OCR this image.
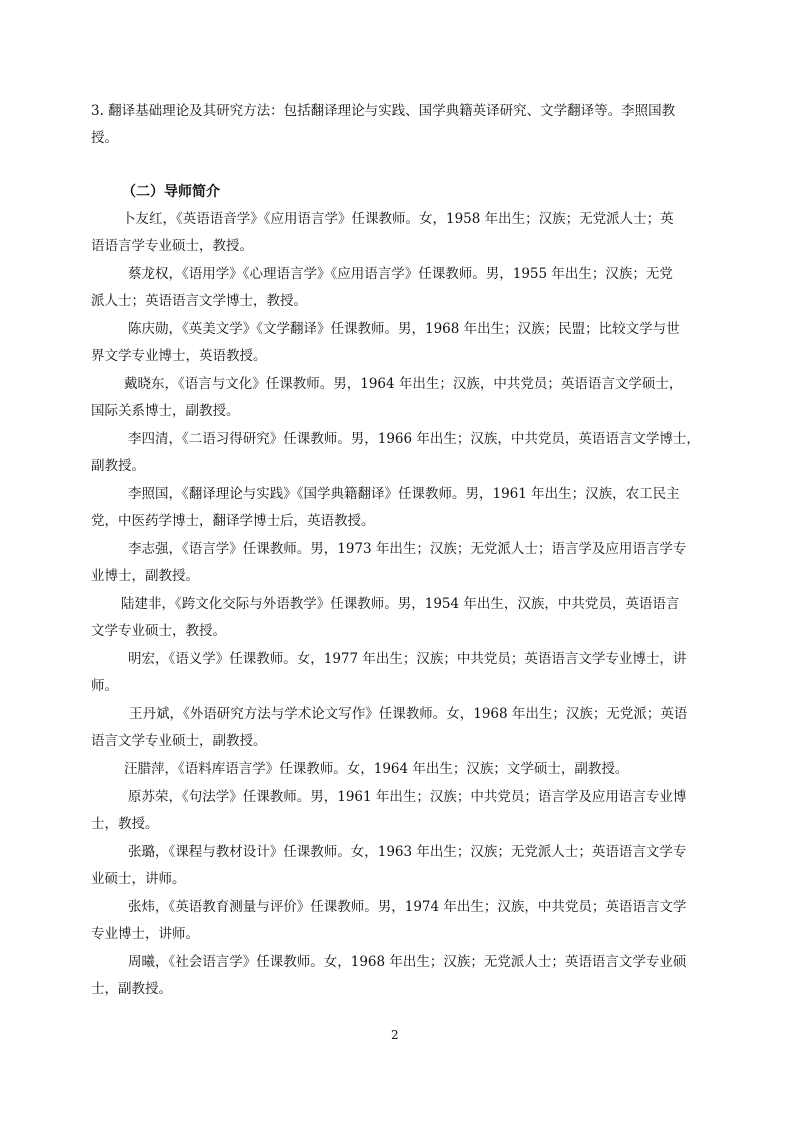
3. 翻译基础理论及其研究方法：包括翻译理论与实践、国学典籍英译研究、文学翻译等。李照国教
授。
（二）导师简介
卜友红，《英语语音学》《应用语言学》任课教师。女，1958 年出生；汉族；无党派人士；英
语语言学专业硕士，教授。
蔡龙权，《语用学》《心理语言学》《应用语言学》任课教师。男，1955 年出生；汉族；无党
派人士；英语语言文学博士，教授。
陈庆勋，《英美文学》《文学翻译》任课教师。男，1968 年出生；汉族；民盟；比较文学与世
界文学专业博士，英语教授。
戴晓东，《语言与文化》任课教师。男，1964 年出生；汉族，中共党员；英语语言文学硕士，
国际关系博士，副教授。
李四清，《二语习得研究》任课教师。男，1966 年出生；汉族，中共党员，英语语言文学博士，
副教授。
李照国，《翻译理论与实践》《国学典籍翻译》任课教师。男，1961 年出生；汉族，农工民主
党，中医药学博士，翻译学博士后，英语教授。
李志强，《语言学》任课教师。男，1973 年出生；汉族；无党派人士；语言学及应用语言学专
业博士，副教授。
陆建非，《跨文化交际与外语教学》任课教师。男，1954 年出生，汉族，中共党员，英语语言
文学专业硕士，教授。
明宏，《语义学》任课教师。女，1977 年出生；汉族；中共党员；英语语言文学专业博士，讲
师。
王丹斌，《外语研究方法与学术论文写作》任课教师。女，1968 年出生；汉族；无党派；英语
语言文学专业硕士，副教授。
汪腊萍，《语料库语言学》任课教师。女，1964 年出生；汉族；文学硕士，副教授。
原苏荣，《句法学》任课教师。男，1961 年出生；汉族；中共党员；语言学及应用语言专业博
士，教授。
张璐，《课程与教材设计》任课教师。女，1963 年出生；汉族；无党派人士；英语语言文学专
业硕士，讲师。
张炜，《英语教育测量与评价》任课教师。男，1974 年出生；汉族，中共党员；英语语言文学
专业博士，讲师。
周曦，《社会语言学》任课教师。女，1968 年出生；汉族；无党派人士；英语语言文学专业硕
士，副教授。
2
